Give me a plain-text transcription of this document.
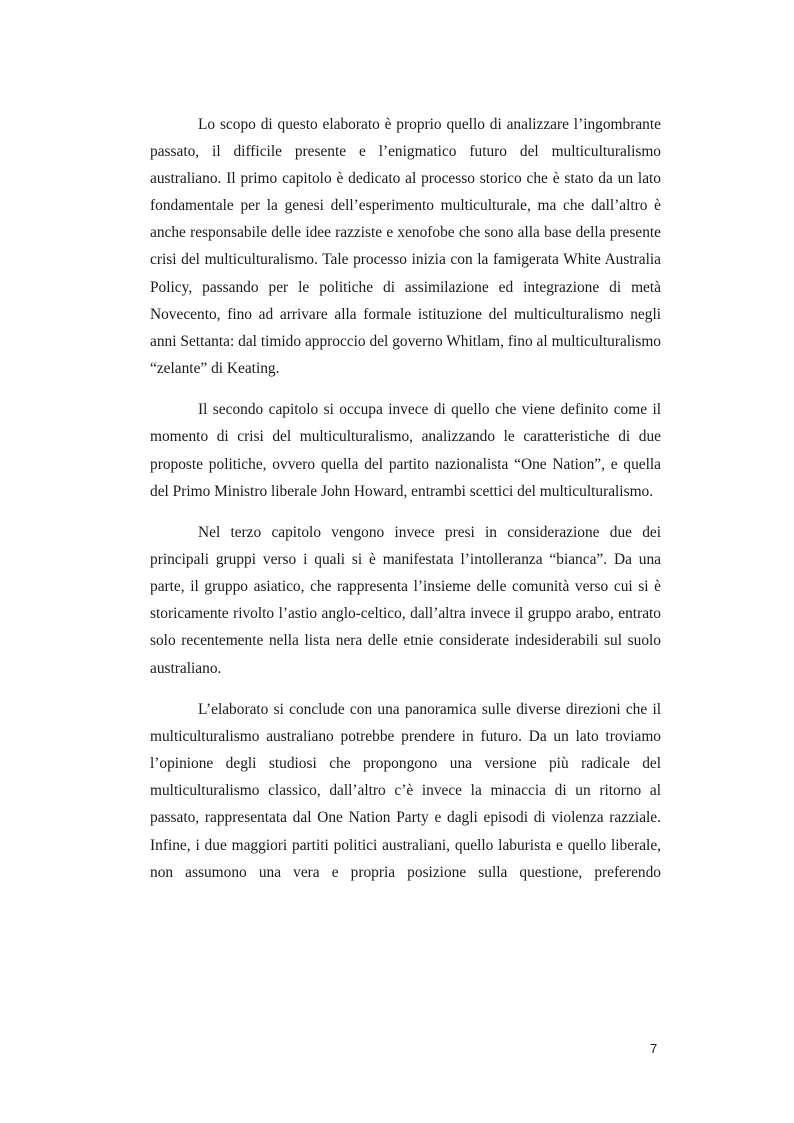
Lo scopo di questo elaborato è proprio quello di analizzare l’ingombrante passato, il difficile presente e l’enigmatico futuro del multiculturalismo australiano. Il primo capitolo è dedicato al processo storico che è stato da un lato fondamentale per la genesi dell’esperimento multiculturale, ma che dall’altro è anche responsabile delle idee razziste e xenofobe che sono alla base della presente crisi del multiculturalismo. Tale processo inizia con la famigerata White Australia Policy, passando per le politiche di assimilazione ed integrazione di metà Novecento, fino ad arrivare alla formale istituzione del multiculturalismo negli anni Settanta: dal timido approccio del governo Whitlam, fino al multiculturalismo “zelante” di Keating.

Il secondo capitolo si occupa invece di quello che viene definito come il momento di crisi del multiculturalismo, analizzando le caratteristiche di due proposte politiche, ovvero quella del partito nazionalista “One Nation”, e quella del Primo Ministro liberale John Howard, entrambi scettici del multiculturalismo.

Nel terzo capitolo vengono invece presi in considerazione due dei principali gruppi verso i quali si è manifestata l’intolleranza “bianca”. Da una parte, il gruppo asiatico, che rappresenta l’insieme delle comunità verso cui si è storicamente rivolto l’astio anglo-celtico, dall’altra invece il gruppo arabo, entrato solo recentemente nella lista nera delle etnie considerate indesiderabili sul suolo australiano.

L’elaborato si conclude con una panoramica sulle diverse direzioni che il multiculturalismo australiano potrebbe prendere in futuro. Da un lato troviamo l’opinione degli studiosi che propongono una versione più radicale del multiculturalismo classico, dall’altro c’è invece la minaccia di un ritorno al passato, rappresentata dal One Nation Party e dagli episodi di violenza razziale. Infine, i due maggiori partiti politici australiani, quello laburista e quello liberale, non assumono una vera e propria posizione sulla questione, preferendo

7
